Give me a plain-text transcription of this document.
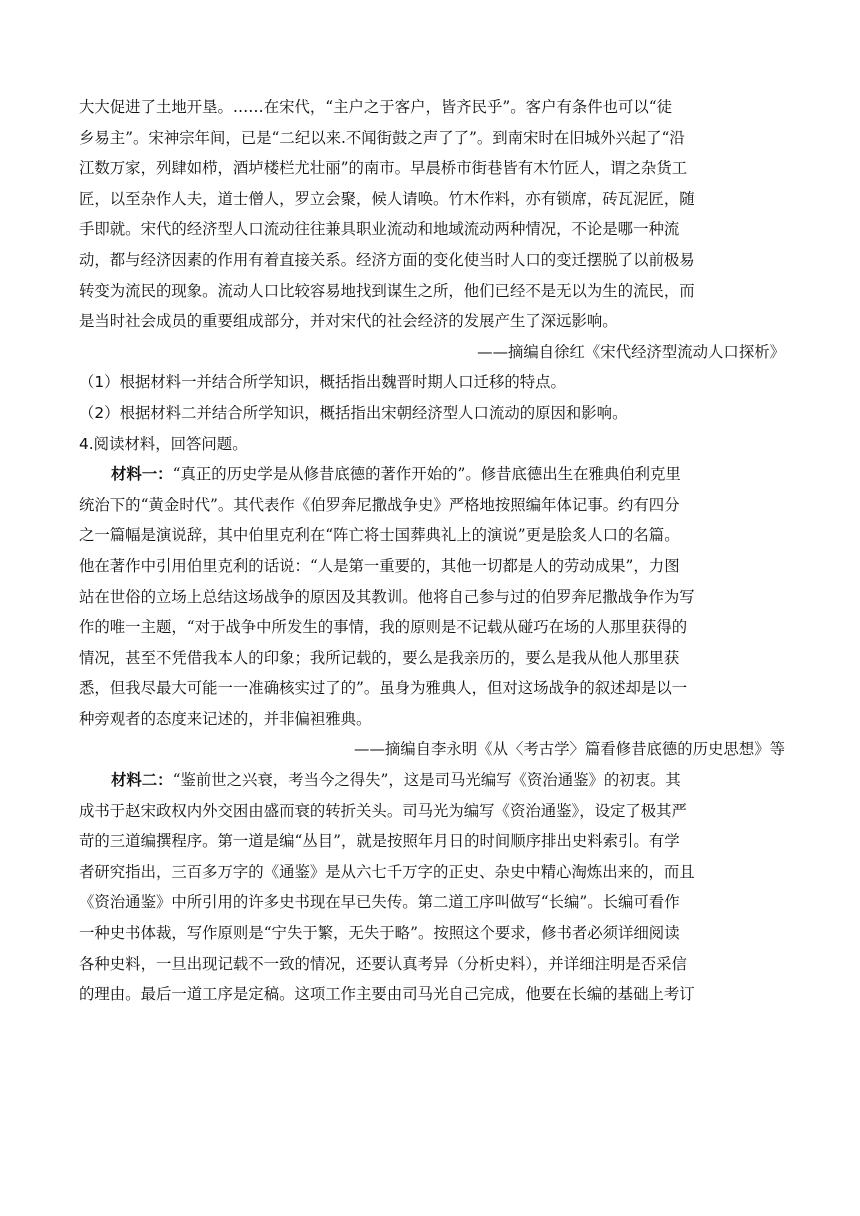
大大促进了土地开垦。……在宋代，“主户之于客户，皆齐民乎”。客户有条件也可以“徒
乡易主”。宋神宗年间，已是“二纪以来.不闻街鼓之声了了”。到南宋时在旧城外兴起了“沿
江数万家，列肆如栉，酒垆楼栏尤壮丽”的南市。早晨桥市街巷皆有木竹匠人，谓之杂货工
匠，以至杂作人夫，道士僧人，罗立会聚，候人请唤。竹木作料，亦有锁席，砖瓦泥匠，随
手即就。宋代的经济型人口流动往往兼具职业流动和地域流动两种情况，不论是哪一种流
动，都与经济因素的作用有着直接关系。经济方面的变化使当时人口的变迁摆脱了以前极易
转变为流民的现象。流动人口比较容易地找到谋生之所，他们已经不是无以为生的流民，而
是当时社会成员的重要组成部分，并对宋代的社会经济的发展产生了深远影响。
——摘编自徐红《宋代经济型流动人口探析》
（1）根据材料一并结合所学知识，概括指出魏晋时期人口迁移的特点。
（2）根据材料二并结合所学知识，概括指出宋朝经济型人口流动的原因和影响。
4.阅读材料，回答问题。
材料一：“真正的历史学是从修昔底德的著作开始的”。修昔底德出生在雅典伯利克里
统治下的“黄金时代”。其代表作《伯罗奔尼撒战争史》严格地按照编年体记事。约有四分
之一篇幅是演说辞，其中伯里克利在“阵亡将士国葬典礼上的演说”更是脍炙人口的名篇。
他在著作中引用伯里克利的话说：“人是第一重要的，其他一切都是人的劳动成果”，力图
站在世俗的立场上总结这场战争的原因及其教训。他将自己参与过的伯罗奔尼撒战争作为写
作的唯一主题，“对于战争中所发生的事情，我的原则是不记载从碰巧在场的人那里获得的
情况，甚至不凭借我本人的印象；我所记载的，要么是我亲历的，要么是我从他人那里获
悉，但我尽最大可能一一准确核实过了的”。虽身为雅典人，但对这场战争的叙述却是以一
种旁观者的态度来记述的，并非偏袒雅典。
——摘编自李永明《从〈考古学〉篇看修昔底德的历史思想》等
材料二：“鉴前世之兴衰，考当今之得失”，这是司马光编写《资治通鉴》的初衷。其
成书于赵宋政权内外交困由盛而衰的转折关头。司马光为编写《资治通鉴》，设定了极其严
苛的三道编撰程序。第一道是编“丛目”，就是按照年月日的时间顺序排出史料索引。有学
者研究指出，三百多万字的《通鉴》是从六七千万字的正史、杂史中精心淘炼出来的，而且
《资治通鉴》中所引用的许多史书现在早已失传。第二道工序叫做写“长编”。长编可看作
一种史书体裁，写作原则是“宁失于繁，无失于略”。按照这个要求，修书者必须详细阅读
各种史料，一旦出现记载不一致的情况，还要认真考异（分析史料），并详细注明是否采信
的理由。最后一道工序是定稿。这项工作主要由司马光自己完成，他要在长编的基础上考订
